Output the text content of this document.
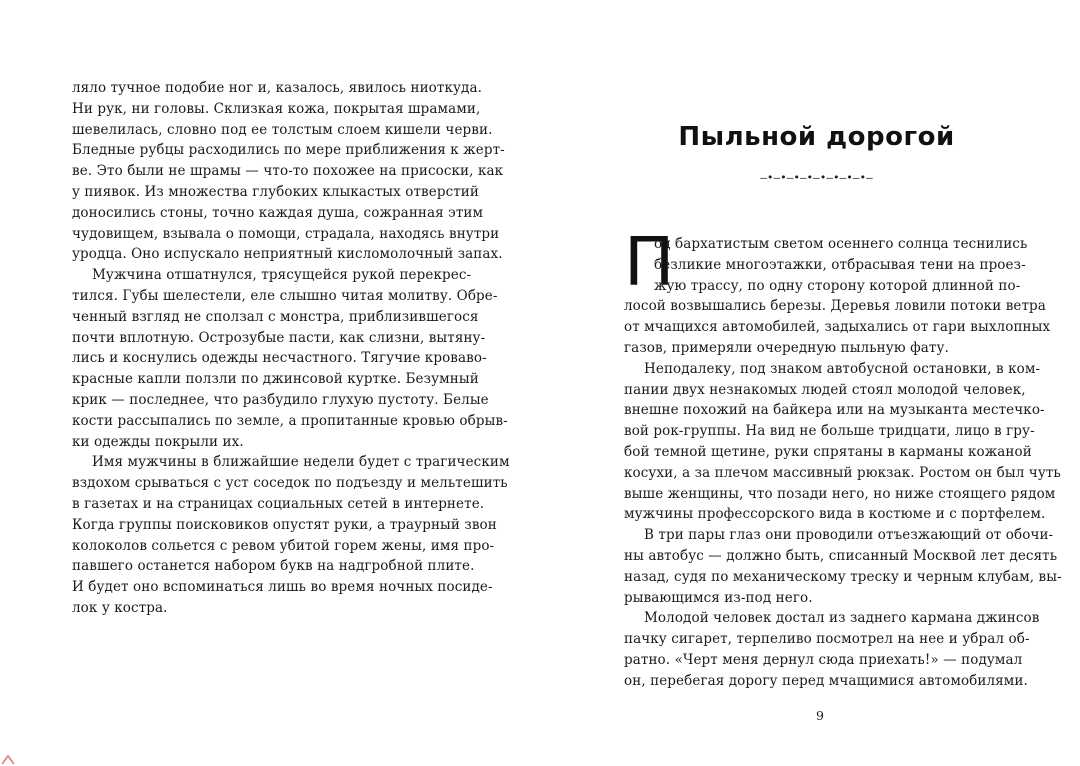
ляло тучное подобие ног и, казалось, явилось ниоткуда.
Ни рук, ни головы. Склизкая кожа, покрытая шрамами,
шевелилась, словно под ее толстым слоем кишели черви.
Бледные рубцы расходились по мере приближения к жерт-
ве. Это были не шрамы — что-то похожее на присоски, как
у пиявок. Из множества глубоких клыкастых отверстий
доносились стоны, точно каждая душа, сожранная этим
чудовищем, взывала о помощи, страдала, находясь внутри
уродца. Оно испускало неприятный кисломолочный запах.
Мужчина отшатнулся, трясущейся рукой перекрес-
тился. Губы шелестели, еле слышно читая молитву. Обре-
ченный взгляд не сползал с монстра, приблизившегося
почти вплотную. Острозубые пасти, как слизни, вытяну-
лись и коснулись одежды несчастного. Тягучие кроваво-
красные капли ползли по джинсовой куртке. Безумный
крик — последнее, что разбудило глухую пустоту. Белые
кости рассыпались по земле, а пропитанные кровью обрыв-
ки одежды покрыли их.
Имя мужчины в ближайшие недели будет с трагическим
вздохом срываться с уст соседок по подъезду и мельтешить
в газетах и на страницах социальных сетей в интернете.
Когда группы поисковиков опустят руки, а траурный звон
колоколов сольется с ревом убитой горем жены, имя про-
павшего останется набором букв на надгробной плите.
И будет оно вспоминаться лишь во время ночных посиде-
лок у костра.
Пыльной дорогой
—•—•—•—•—•—•—•—•—
П
од бархатистым светом осеннего солнца теснились
безликие многоэтажки, отбрасывая тени на проез-
жую трассу, по одну сторону которой длинной по-
лосой возвышались березы. Деревья ловили потоки ветра
от мчащихся автомобилей, задыхались от гари выхлопных
газов, примеряли очередную пыльную фату.
Неподалеку, под знаком автобусной остановки, в ком-
пании двух незнакомых людей стоял молодой человек,
внешне похожий на байкера или на музыканта местечко-
вой рок-группы. На вид не больше тридцати, лицо в гру-
бой темной щетине, руки спрятаны в карманы кожаной
косухи, а за плечом массивный рюкзак. Ростом он был чуть
выше женщины, что позади него, но ниже стоящего рядом
мужчины профессорского вида в костюме и с портфелем.
В три пары глаз они проводили отъезжающий от обочи-
ны автобус — должно быть, списанный Москвой лет десять
назад, судя по механическому треску и черным клубам, вы-
рывающимся из-под него.
Молодой человек достал из заднего кармана джинсов
пачку сигарет, терпеливо посмотрел на нее и убрал об-
ратно. «Черт меня дернул сюда приехать!» — подумал
он, перебегая дорогу перед мчащимися автомобилями.
9
